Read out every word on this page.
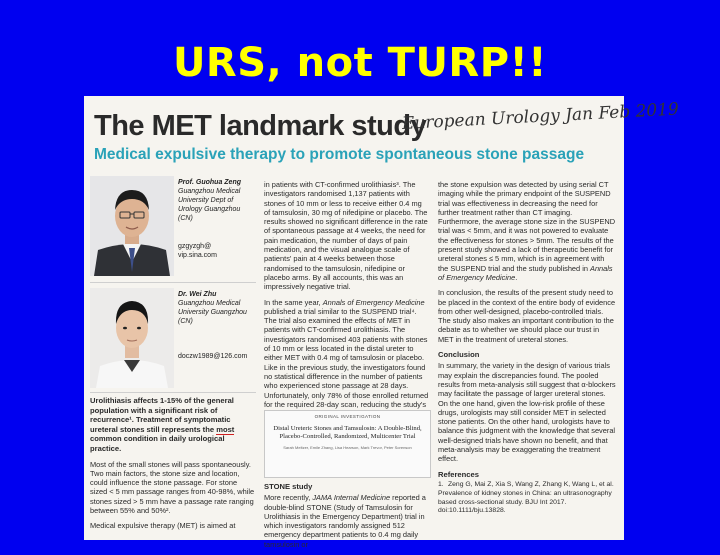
URS, not TURP!!
The MET landmark study
European Urology Jan Feb 2019
Medical expulsive therapy to promote spontaneous stone passage
Prof. Guohua Zeng
Guangzhou Medical University Dept of Urology Guangzhou (CN)
gzgyzgh@ vip.sina.com
Dr. Wei Zhu
Guangzhou Medical University Guangzhou (CN)
doczw1989@126.com

Urolithiasis affects 1-15% of the general population with a significant risk of recurrence¹. Treatment of symptomatic ureteral stones still represents the most common condition in daily urological practice.

Most of the small stones will pass spontaneously. Two main factors, the stone size and location, could influence the stone passage. For stone sized < 5 mm passage ranges from 40-98%, while stones sized > 5 mm have a passage rate ranging between 55% and 50%².

Medical expulsive therapy (MET) is aimed at

in patients with CT-confirmed urolithiasis³. The investigators randomised 1,137 patients with stones of 10 mm or less to receive either 0.4 mg of tamsulosin, 30 mg of nifedipine or placebo. The results showed no significant difference in the rate of spontaneous passage at 4 weeks, the need for pain medication, the number of days of pain medication, and the visual analogue scale of patients' pain at 4 weeks between those randomised to the tamsulosin, nifedipine or placebo arms. By all accounts, this was an impressively negative trial.

In the same year, Annals of Emergency Medicine published a trial similar to the SUSPEND trial⁴. The trial also examined the effects of MET in patients with CT-confirmed urolithiasis. The investigators randomised 403 patients with stones of 10 mm or less located in the distal ureter to either MET with 0.4 mg of tamsulosin or placebo. Like in the previous study, the investigators found no statistical difference in the number of patients who experienced stone passage at 28 days. Unfortunately, only 78% of those enrolled returned for the required 28-day scan, reducing the study's

ORIGINAL INVESTIGATION
Distal Ureteric Stones and Tamsulosin: A Double-Blind, Placebo-Controlled, Randomized, Multicenter Trial
Sarah Meltzer, Emile Zhang, Lisa Hearson, Mark Trevor, Peter Sorenson
STONE study

More recently, JAMA Internal Medicine reported a double-blind STONE (Study of Tamsulosin for Urolithiasis in the Emergency Department) trial in which investigators randomly assigned 512 emergency department patients to 0.4 mg daily tamsulosin or

the stone expulsion was detected by using serial CT imaging while the primary endpoint of the SUSPEND trial was effectiveness in decreasing the need for further treatment rather than CT imaging. Furthermore, the average stone size in the SUSPEND trial was < 5mm, and it was not powered to evaluate the effectiveness for stones > 5mm. The results of the present study showed a lack of therapeutic benefit for ureteral stones ≤ 5 mm, which is in agreement with the SUSPEND trial and the study published in Annals of Emergency Medicine.

In conclusion, the results of the present study need to be placed in the context of the entire body of evidence from other well-designed, placebo-controlled trials. The study also makes an important contribution to the debate as to whether we should place our trust in MET in the treatment of ureteral stones.

Conclusion

In summary, the variety in the design of various trials may explain the discrepancies found. The pooled results from meta-analysis still suggest that α-blockers may facilitate the passage of larger ureteral stones. On the one hand, given the low-risk profile of these drugs, urologists may still consider MET in selected stone patients. On the other hand, urologists have to balance this judgment with the knowledge that several well-designed trials have shown no benefit, and that meta-analysis may be exaggerating the treatment effect.

References

1. Zeng G, Mai Z, Xia S, Wang Z, Zhang K, Wang L, et al. Prevalence of kidney stones in China: an ultrasonography based cross-sectional study. BJU Int 2017. doi:10.1111/bju.13828.
